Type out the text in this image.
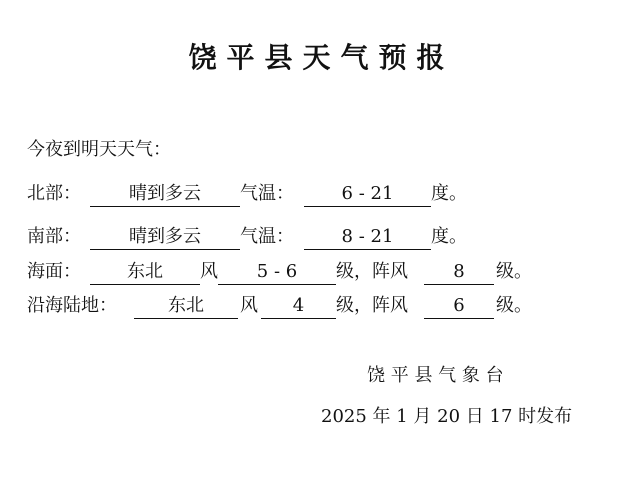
饶平县天气预报
今夜到明天天气：
北部：	晴到多云	气温：	6 - 21	度。
南部：	晴到多云	气温：	8 - 21	度。
海面：	东北	风	5 - 6	级，阵风	8	级。
沿海陆地：	东北	风	4	级，阵风	6	级。
饶 平 县 气 象 台
2025 年 1 月 20 日 17 时发布
